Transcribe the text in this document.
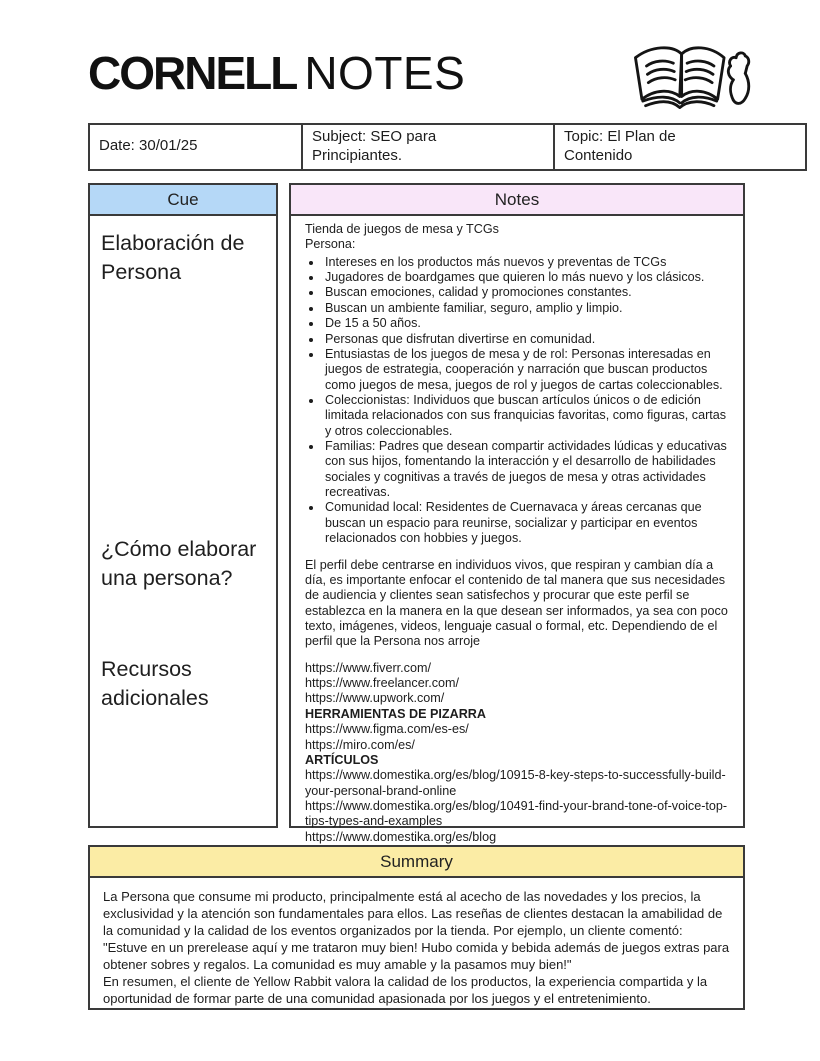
CORNELL NOTES
Date: 30/01/25	
Subject: SEO para Principiantes.

Topic: El Plan de Contenido
Cue
Elaboración de Persona
¿Cómo elaborar una persona?
Recursos adicionales
Notes
Tienda de juegos de mesa y TCGs
Persona:
• Intereses en los productos más nuevos y preventas de TCGs
• Jugadores de boardgames que quieren lo más nuevo y los clásicos.
• Buscan emociones, calidad y promociones constantes.
• Buscan un ambiente familiar, seguro, amplio y limpio.
• De 15 a 50 años.
• Personas que disfrutan divertirse en comunidad.
• Entusiastas de los juegos de mesa y de rol: Personas interesadas en juegos de estrategia, cooperación y narración que buscan productos como juegos de mesa, juegos de rol y juegos de cartas coleccionables.
• Coleccionistas: Individuos que buscan artículos únicos o de edición limitada relacionados con sus franquicias favoritas, como figuras, cartas y otros coleccionables.
• Familias: Padres que desean compartir actividades lúdicas y educativas con sus hijos, fomentando la interacción y el desarrollo de habilidades sociales y cognitivas a través de juegos de mesa y otras actividades recreativas.
• Comunidad local: Residentes de Cuernavaca y áreas cercanas que buscan un espacio para reunirse, socializar y participar en eventos relacionados con hobbies y juegos.
El perfil debe centrarse en individuos vivos, que respiran y cambian día a día, es importante enfocar el contenido de tal manera que sus necesidades de audiencia y clientes sean satisfechos y procurar que este perfil se establezca en la manera en la que desean ser informados, ya sea con poco texto, imágenes, videos, lenguaje casual o formal, etc. Dependiendo de el perfil que la Persona nos arroje
https://www.fiverr.com/
https://www.freelancer.com/
https://www.upwork.com/
HERRAMIENTAS DE PIZARRA
https://www.figma.com/es-es/
https://miro.com/es/
ARTÍCULOS
https://www.domestika.org/es/blog/10915-8-key-steps-to-successfully-build-your-personal-brand-online
https://www.domestika.org/es/blog/10491-find-your-brand-tone-of-voice-top-tips-types-and-examples
https://www.domestika.org/es/blog
Summary
La Persona que consume mi producto, principalmente está al acecho de las novedades y los precios, la exclusividad y la atención son fundamentales para ellos. Las reseñas de clientes destacan la amabilidad de la comunidad y la calidad de los eventos organizados por la tienda. Por ejemplo, un cliente comentó: "Estuve en un prerelease aquí y me trataron muy bien! Hubo comida y bebida además de juegos extras para obtener sobres y regalos. La comunidad es muy amable y la pasamos muy bien!"
En resumen, el cliente de Yellow Rabbit valora la calidad de los productos, la experiencia compartida y la oportunidad de formar parte de una comunidad apasionada por los juegos y el entretenimiento.
